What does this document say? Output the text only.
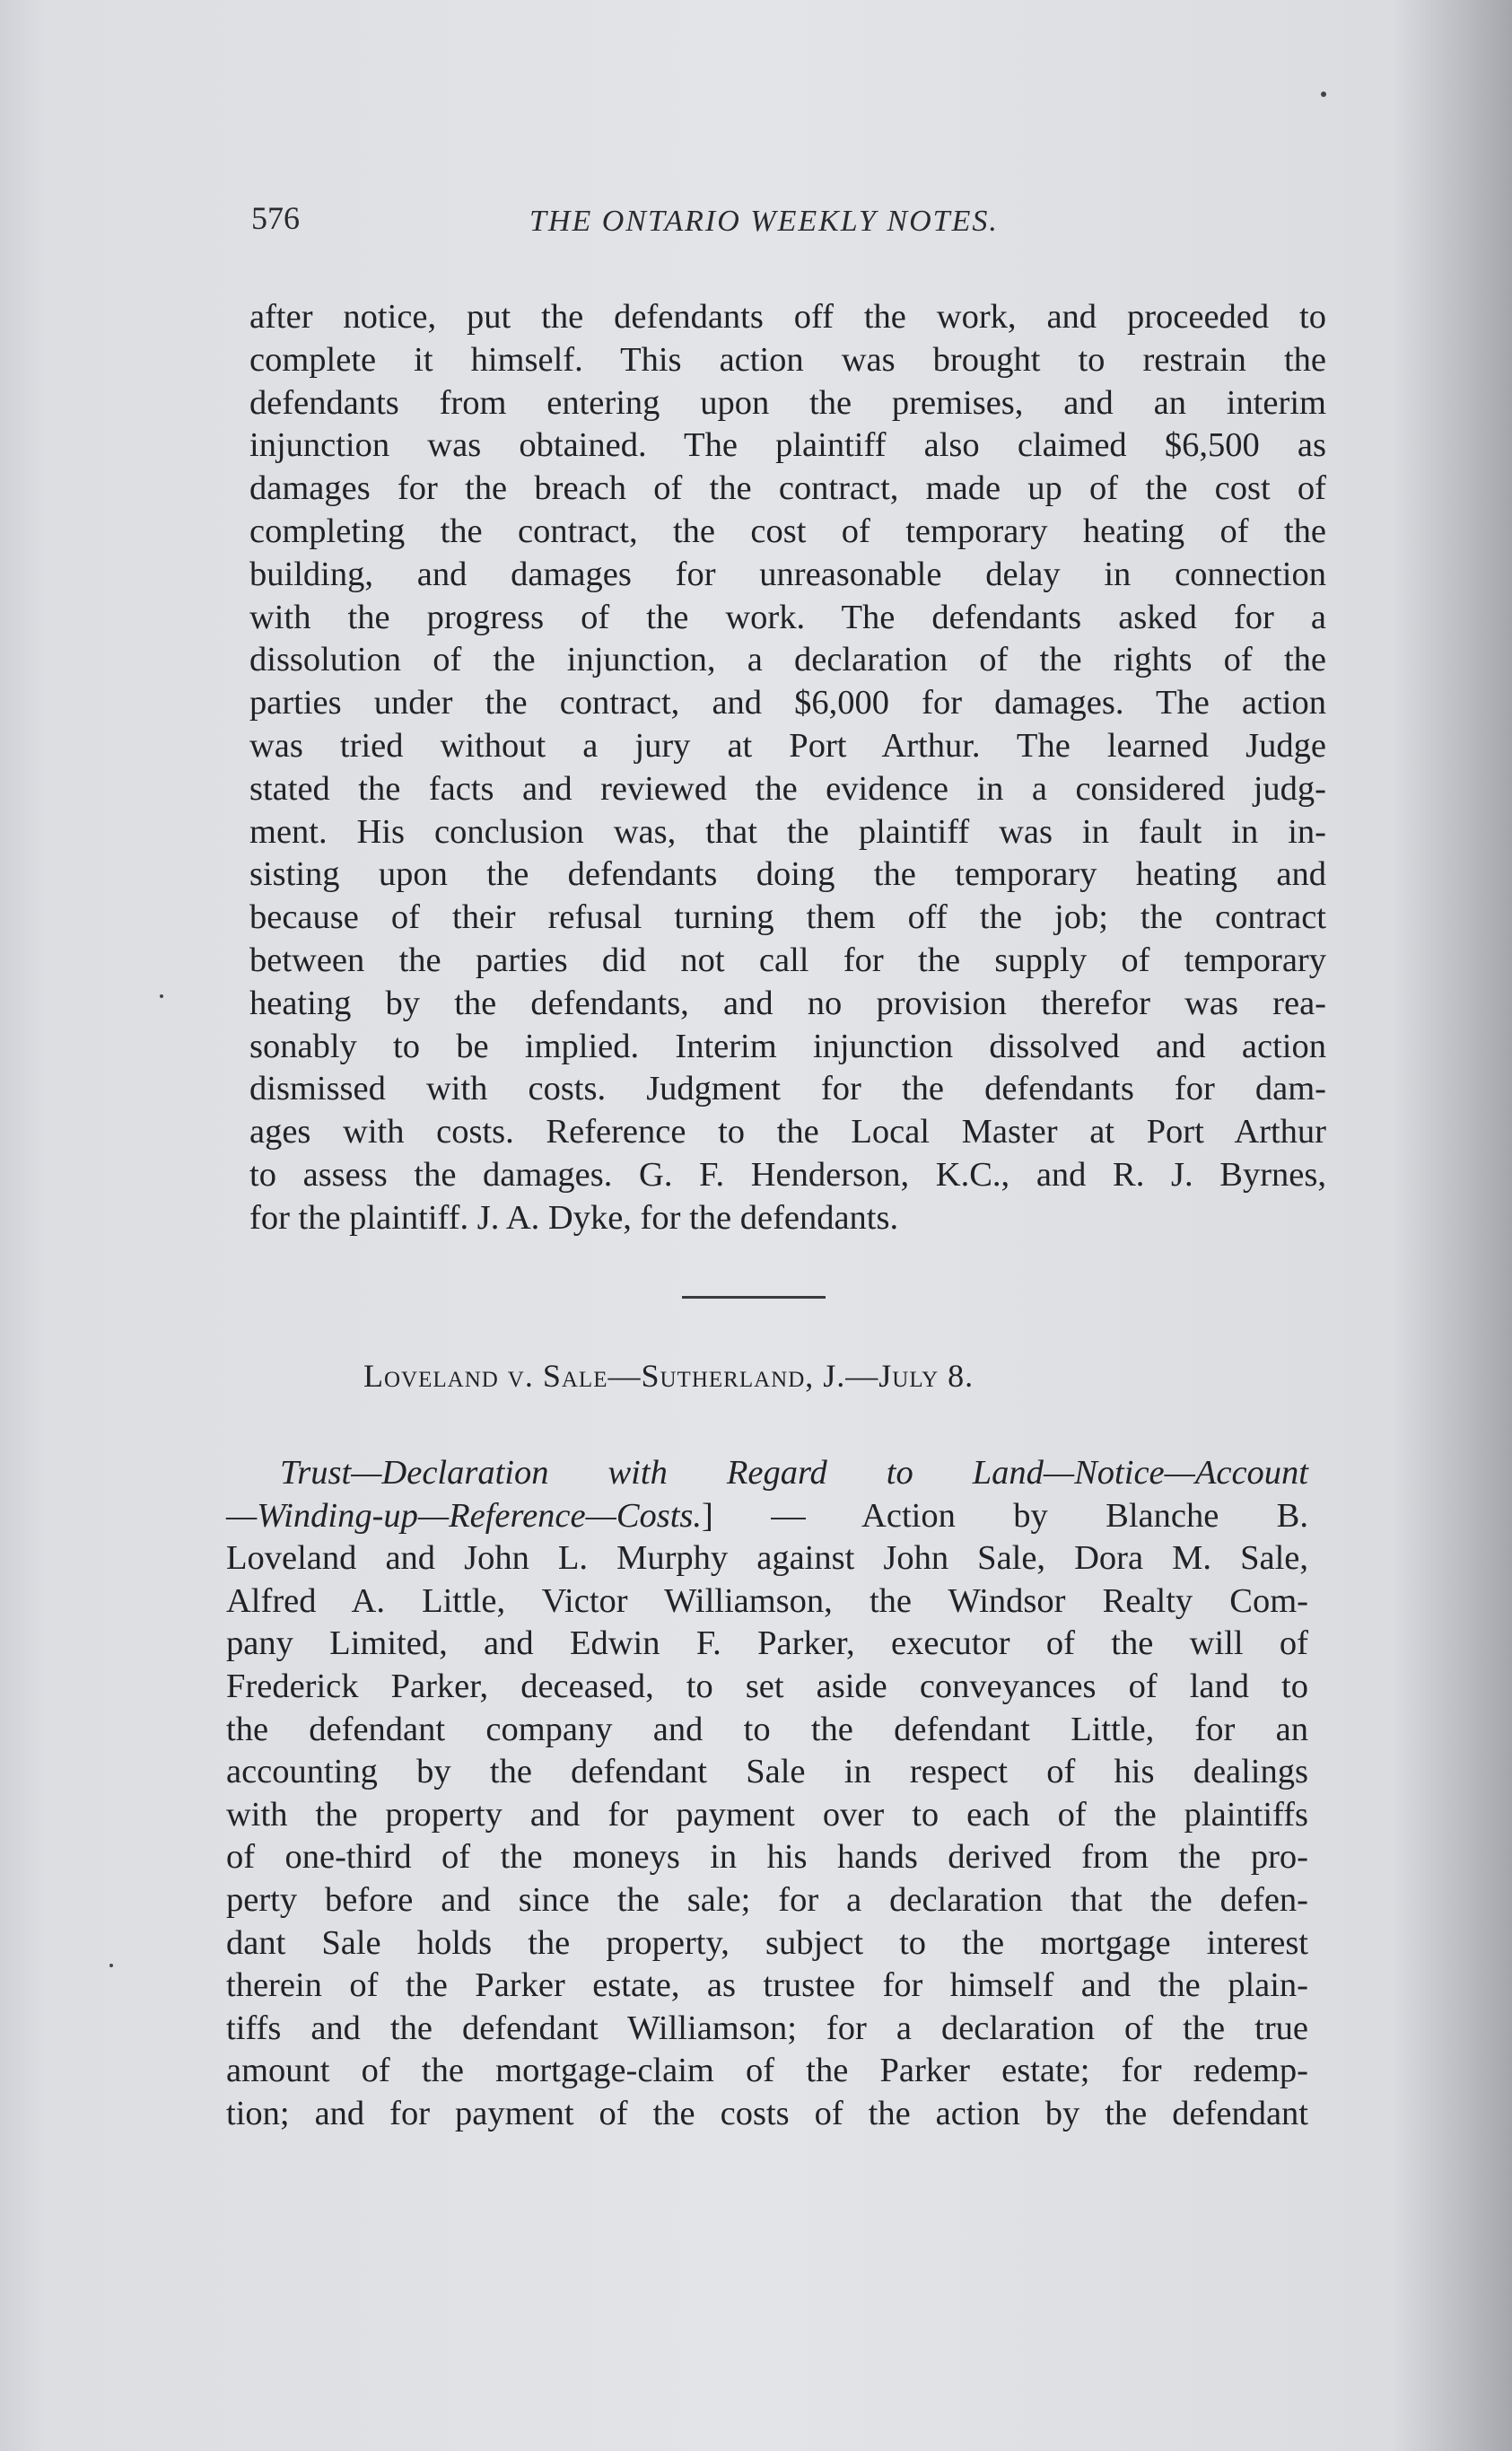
576	THE ONTARIO WEEKLY NOTES.
after notice, put the defendants off the work, and proceeded to
complete it himself. This action was brought to restrain the
defendants from entering upon the premises, and an interim
injunction was obtained. The plaintiff also claimed $6,500 as
damages for the breach of the contract, made up of the cost of
completing the contract, the cost of temporary heating of the
building, and damages for unreasonable delay in connection
with the progress of the work. The defendants asked for a
dissolution of the injunction, a declaration of the rights of the
parties under the contract, and $6,000 for damages. The action
was tried without a jury at Port Arthur. The learned Judge
stated the facts and reviewed the evidence in a considered judg-
ment. His conclusion was, that the plaintiff was in fault in in-
sisting upon the defendants doing the temporary heating and
because of their refusal turning them off the job; the contract
between the parties did not call for the supply of temporary
heating by the defendants, and no provision therefor was rea-
sonably to be implied. Interim injunction dissolved and action
dismissed with costs. Judgment for the defendants for dam-
ages with costs. Reference to the Local Master at Port Arthur
to assess the damages. G. F. Henderson, K.C., and R. J. Byrnes,
for the plaintiff. J. A. Dyke, for the defendants.
Loveland v. Sale—Sutherland, J.—July 8.
Trust—Declaration with Regard to Land—Notice—Account
—Winding-up—Reference—Costs.] — Action by Blanche B.
Loveland and John L. Murphy against John Sale, Dora M. Sale,
Alfred A. Little, Victor Williamson, the Windsor Realty Com-
pany Limited, and Edwin F. Parker, executor of the will of
Frederick Parker, deceased, to set aside conveyances of land to
the defendant company and to the defendant Little, for an
accounting by the defendant Sale in respect of his dealings
with the property and for payment over to each of the plaintiffs
of one-third of the moneys in his hands derived from the pro-
perty before and since the sale; for a declaration that the defen-
dant Sale holds the property, subject to the mortgage interest
therein of the Parker estate, as trustee for himself and the plain-
tiffs and the defendant Williamson; for a declaration of the true
amount of the mortgage-claim of the Parker estate; for redemp-
tion; and for payment of the costs of the action by the defendant
